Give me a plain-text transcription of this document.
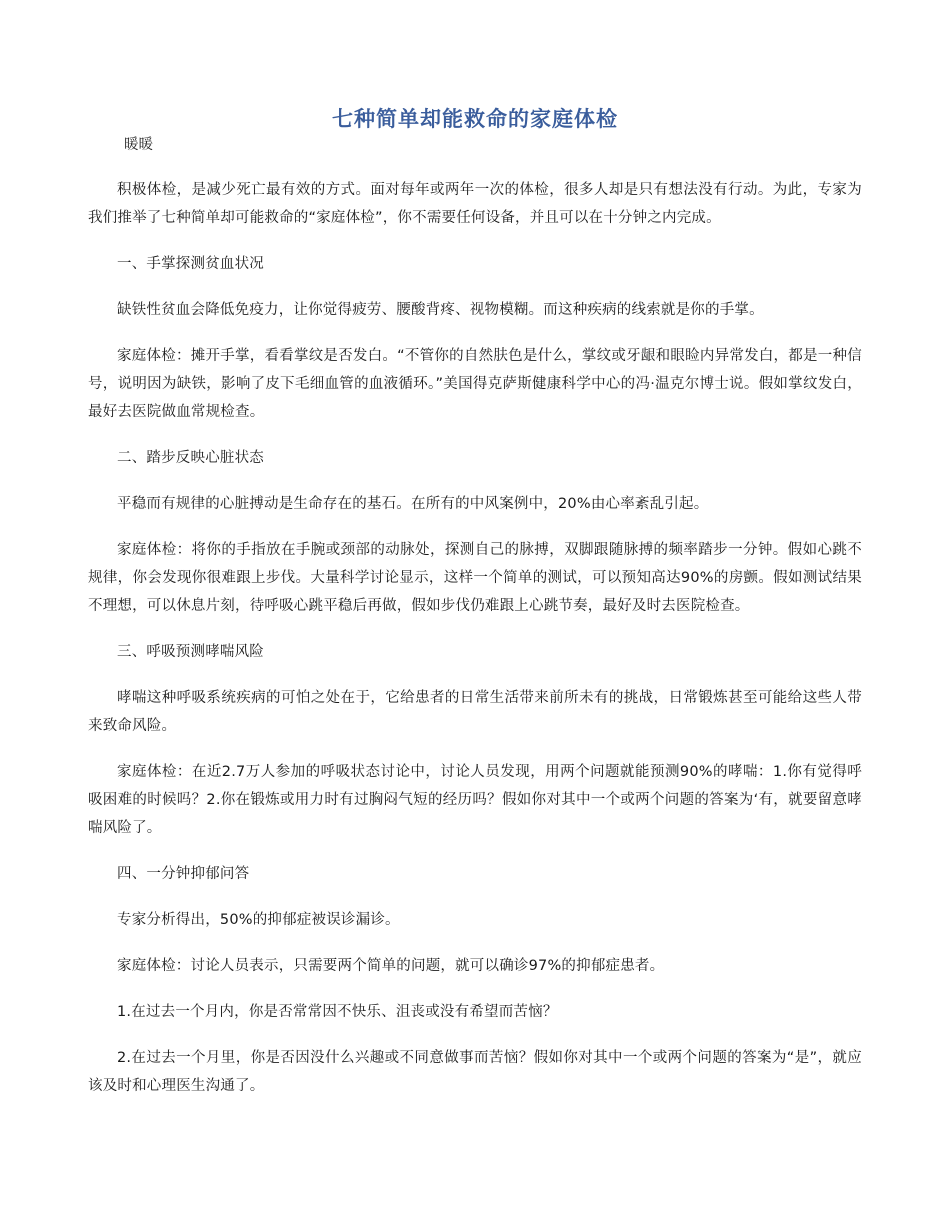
七种简单却能救命的家庭体检

暖暖

积极体检，是减少死亡最有效的方式。面对每年或两年一次的体检，很多人却是只有想法没有行动。为此，专家为我们推举了七种简单却可能救命的“家庭体检”，你不需要任何设备，并且可以在十分钟之内完成。

一、手掌探测贫血状况

缺铁性贫血会降低免疫力，让你觉得疲劳、腰酸背疼、视物模糊。而这种疾病的线索就是你的手掌。

家庭体检：摊开手掌，看看掌纹是否发白。“不管你的自然肤色是什么，掌纹或牙龈和眼睑内异常发白，都是一种信号，说明因为缺铁，影响了皮下毛细血管的血液循环。”美国得克萨斯健康科学中心的冯·温克尔博士说。假如掌纹发白，最好去医院做血常规检查。

二、踏步反映心脏状态

平稳而有规律的心脏搏动是生命存在的基石。在所有的中风案例中，20%由心率紊乱引起。

家庭体检：将你的手指放在手腕或颈部的动脉处，探测自己的脉搏，双脚跟随脉搏的频率踏步一分钟。假如心跳不规律，你会发现你很难跟上步伐。大量科学讨论显示，这样一个简单的测试，可以预知高达90%的房颤。假如测试结果不理想，可以休息片刻，待呼吸心跳平稳后再做，假如步伐仍难跟上心跳节奏，最好及时去医院检查。

三、呼吸预测哮喘风险

哮喘这种呼吸系统疾病的可怕之处在于，它给患者的日常生活带来前所未有的挑战，日常锻炼甚至可能给这些人带来致命风险。

家庭体检：在近2.7万人参加的呼吸状态讨论中，讨论人员发现，用两个问题就能预测90%的哮喘：1.你有觉得呼吸困难的时候吗？2.你在锻炼或用力时有过胸闷气短的经历吗？假如你对其中一个或两个问题的答案为‘有，就要留意哮喘风险了。

四、一分钟抑郁问答

专家分析得出，50%的抑郁症被误诊漏诊。

家庭体检：讨论人员表示，只需要两个简单的问题，就可以确诊97%的抑郁症患者。

1.在过去一个月内，你是否常常因不快乐、沮丧或没有希望而苦恼？

2.在过去一个月里，你是否因没什么兴趣或不同意做事而苦恼？假如你对其中一个或两个问题的答案为“是”，就应该及时和心理医生沟通了。
